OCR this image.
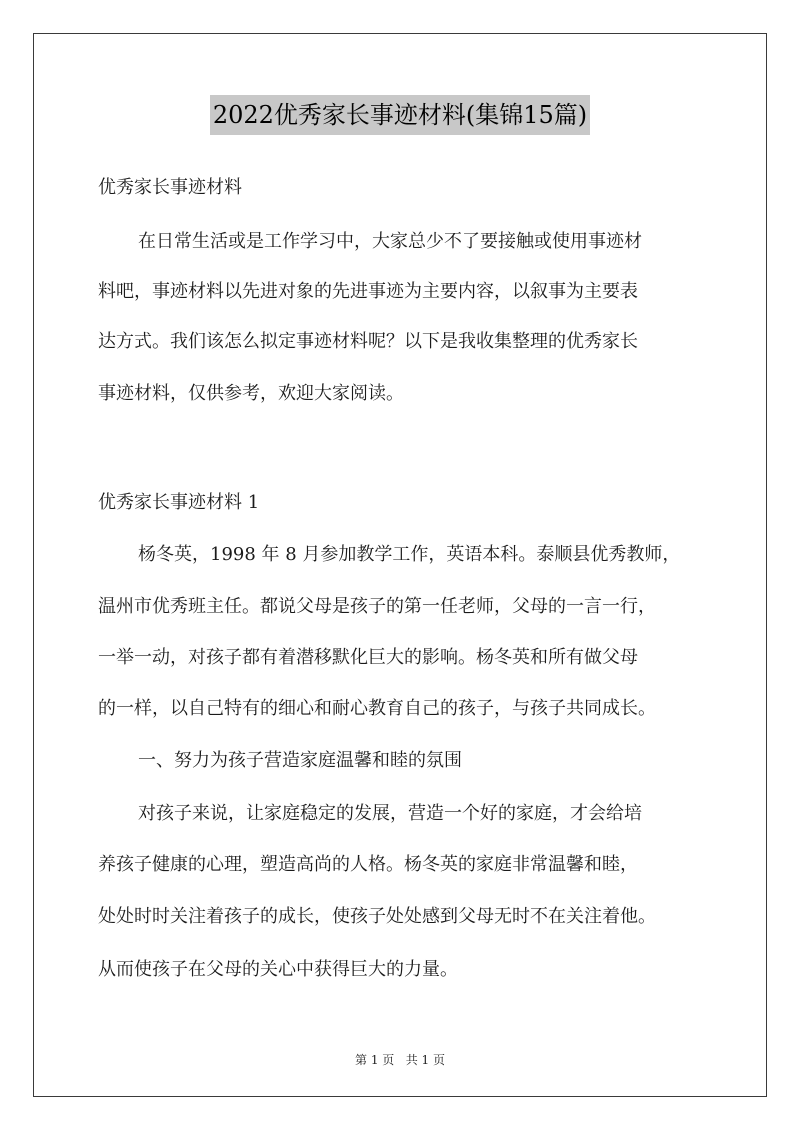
2022优秀家长事迹材料(集锦15篇)
优秀家长事迹材料
在日常生活或是工作学习中，大家总少不了要接触或使用事迹材
料吧，事迹材料以先进对象的先进事迹为主要内容，以叙事为主要表
达方式。我们该怎么拟定事迹材料呢？以下是我收集整理的优秀家长
事迹材料，仅供参考，欢迎大家阅读。
优秀家长事迹材料 1
杨冬英，1998 年 8 月参加教学工作，英语本科。泰顺县优秀教师，
温州市优秀班主任。都说父母是孩子的第一任老师，父母的一言一行，
一举一动，对孩子都有着潜移默化巨大的影响。杨冬英和所有做父母
的一样，以自己特有的细心和耐心教育自己的孩子，与孩子共同成长。
一、努力为孩子营造家庭温馨和睦的氛围
对孩子来说，让家庭稳定的发展，营造一个好的家庭，才会给培
养孩子健康的心理，塑造高尚的人格。杨冬英的家庭非常温馨和睦，
处处时时关注着孩子的成长，使孩子处处感到父母无时不在关注着他。
从而使孩子在父母的关心中获得巨大的力量。
第 1 页   共 1 页
